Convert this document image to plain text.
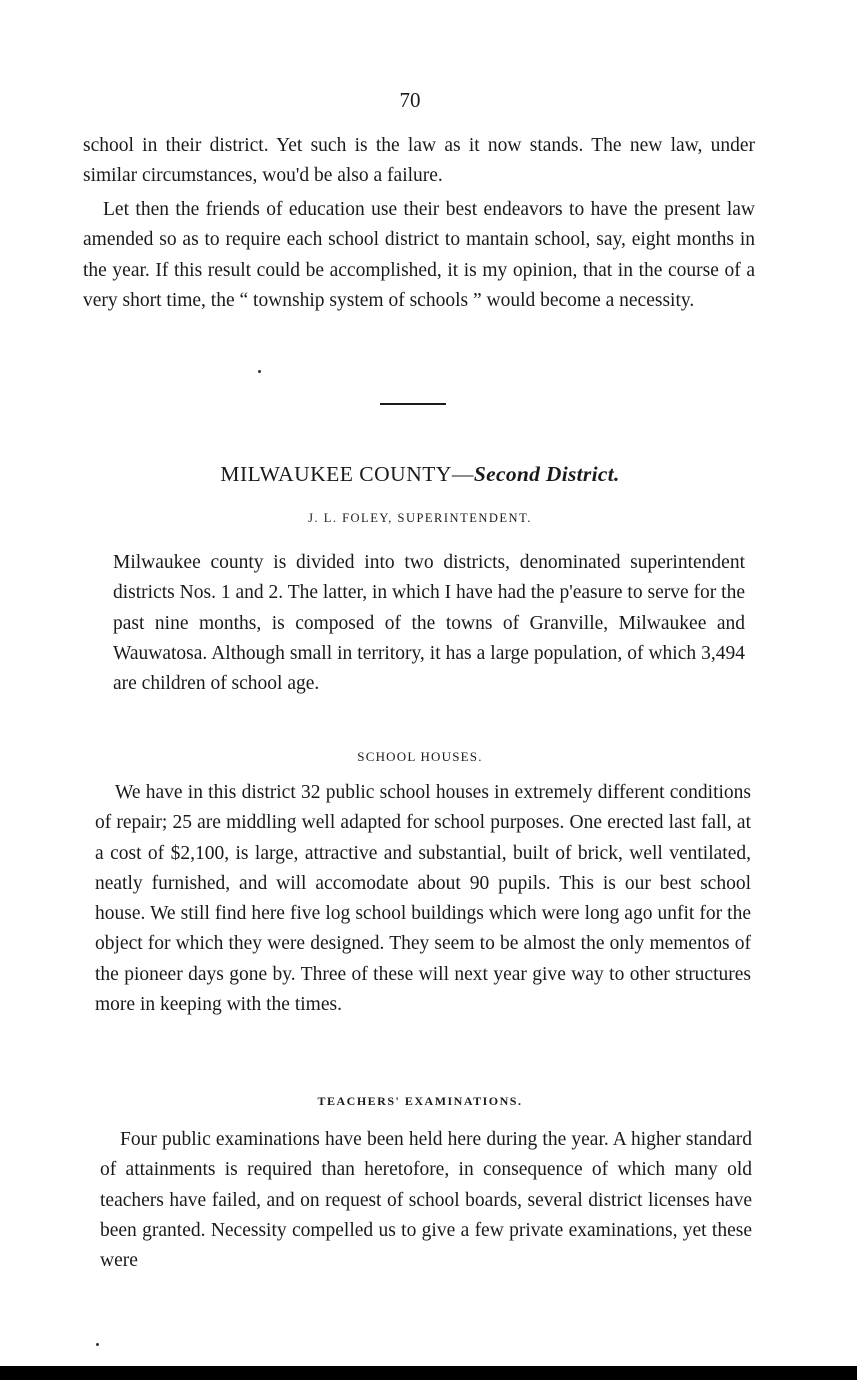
70

school in their district. Yet such is the law as it now stands. The new law, under similar circumstances, wou'd be also a failure.

Let then the friends of education use their best endeavors to have the present law amended so as to require each school district to mantain school, say, eight months in the year. If this result could be accomplished, it is my opinion, that in the course of a very short time, the “ township system of schools ” would become a necessity.

MILWAUKEE COUNTY—Second District.
J. L. FOLEY, SUPERINTENDENT.

Milwaukee county is divided into two districts, denominated superintendent districts Nos. 1 and 2. The latter, in which I have had the p'easure to serve for the past nine months, is composed of the towns of Granville, Milwaukee and Wauwatosa. Although small in territory, it has a large population, of which 3,494 are children of school age.

SCHOOL HOUSES.

We have in this district 32 public school houses in extremely different conditions of repair; 25 are middling well adapted for school purposes. One erected last fall, at a cost of $2,100, is large, attractive and substantial, built of brick, well ventilated, neatly furnished, and will accomodate about 90 pupils. This is our best school house. We still find here five log school buildings which were long ago unfit for the object for which they were designed. They seem to be almost the only mementos of the pioneer days gone by. Three of these will next year give way to other structures more in keeping with the times.

TEACHERS' EXAMINATIONS.

Four public examinations have been held here during the year. A higher standard of attainments is required than heretofore, in consequence of which many old teachers have failed, and on request of school boards, several district licenses have been granted. Necessity compelled us to give a few private examinations, yet these were
